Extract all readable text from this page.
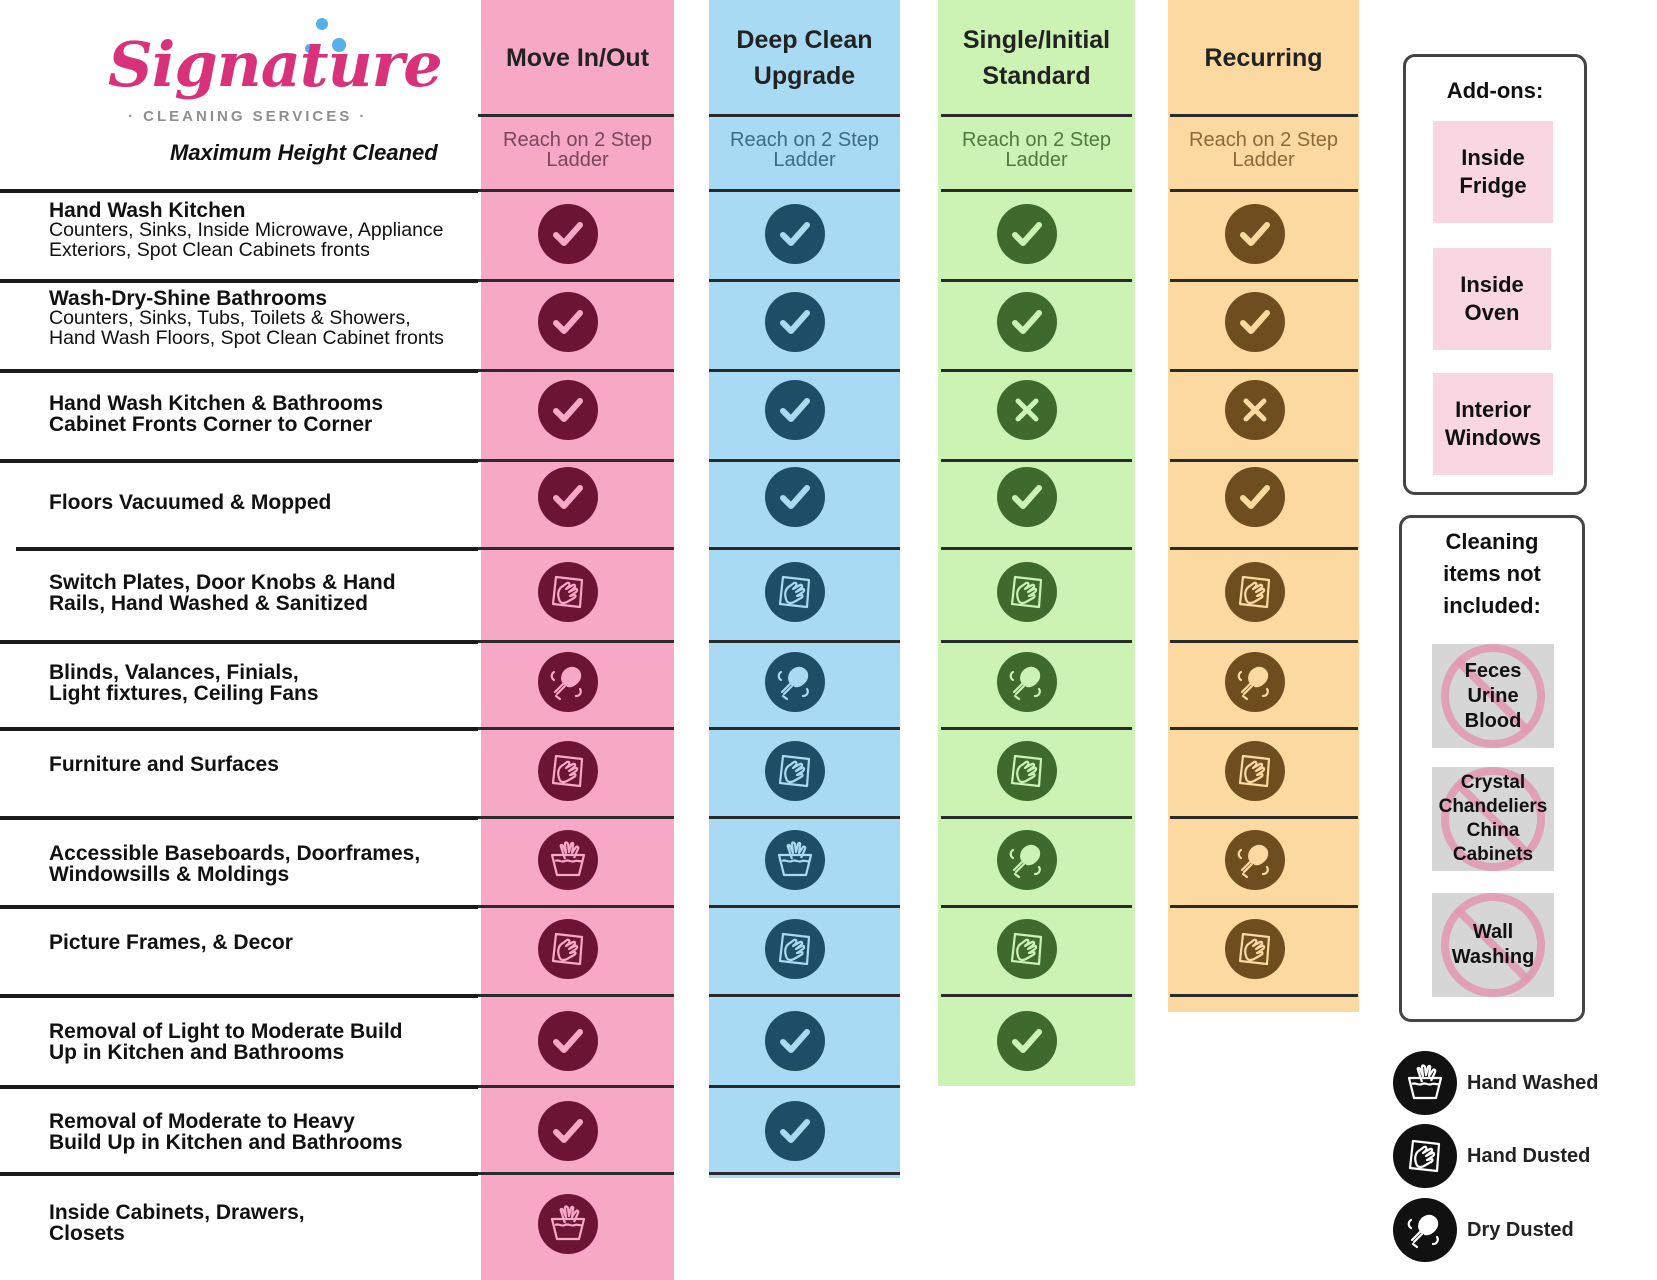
Signature
· CLEANING SERVICES ·
Maximum Height Cleaned
Move In/Out
Reach on 2 Step
Ladder
Deep Clean
Upgrade
Reach on 2 Step
Ladder
Single/Initial
Standard
Reach on 2 Step
Ladder
Recurring
Reach on 2 Step
Ladder
Hand Wash Kitchen
Counters, Sinks, Inside Microwave, Appliance
Exteriors, Spot Clean Cabinets fronts
Wash-Dry-Shine Bathrooms
Counters, Sinks, Tubs, Toilets & Showers,
Hand Wash Floors, Spot Clean Cabinet fronts
Hand Wash Kitchen & Bathrooms
Cabinet Fronts Corner to Corner
Floors Vacuumed & Mopped
Switch Plates, Door Knobs & Hand
Rails, Hand Washed & Sanitized
Blinds, Valances, Finials,
Light fixtures, Ceiling Fans
Furniture and Surfaces
Accessible Baseboards, Doorframes,
Windowsills & Moldings
Picture Frames, & Decor
Removal of Light to Moderate Build
Up in Kitchen and Bathrooms
Removal of Moderate to Heavy
Build Up in Kitchen and Bathrooms
Inside Cabinets, Drawers,
Closets
Add-ons:
Inside
Fridge
Inside
Oven
Interior
Windows
Cleaning
items not
included:
Feces
Urine
Blood
Crystal
Chandeliers
China
Cabinets
Wall
Washing
Hand Washed
Hand Dusted
Dry Dusted
